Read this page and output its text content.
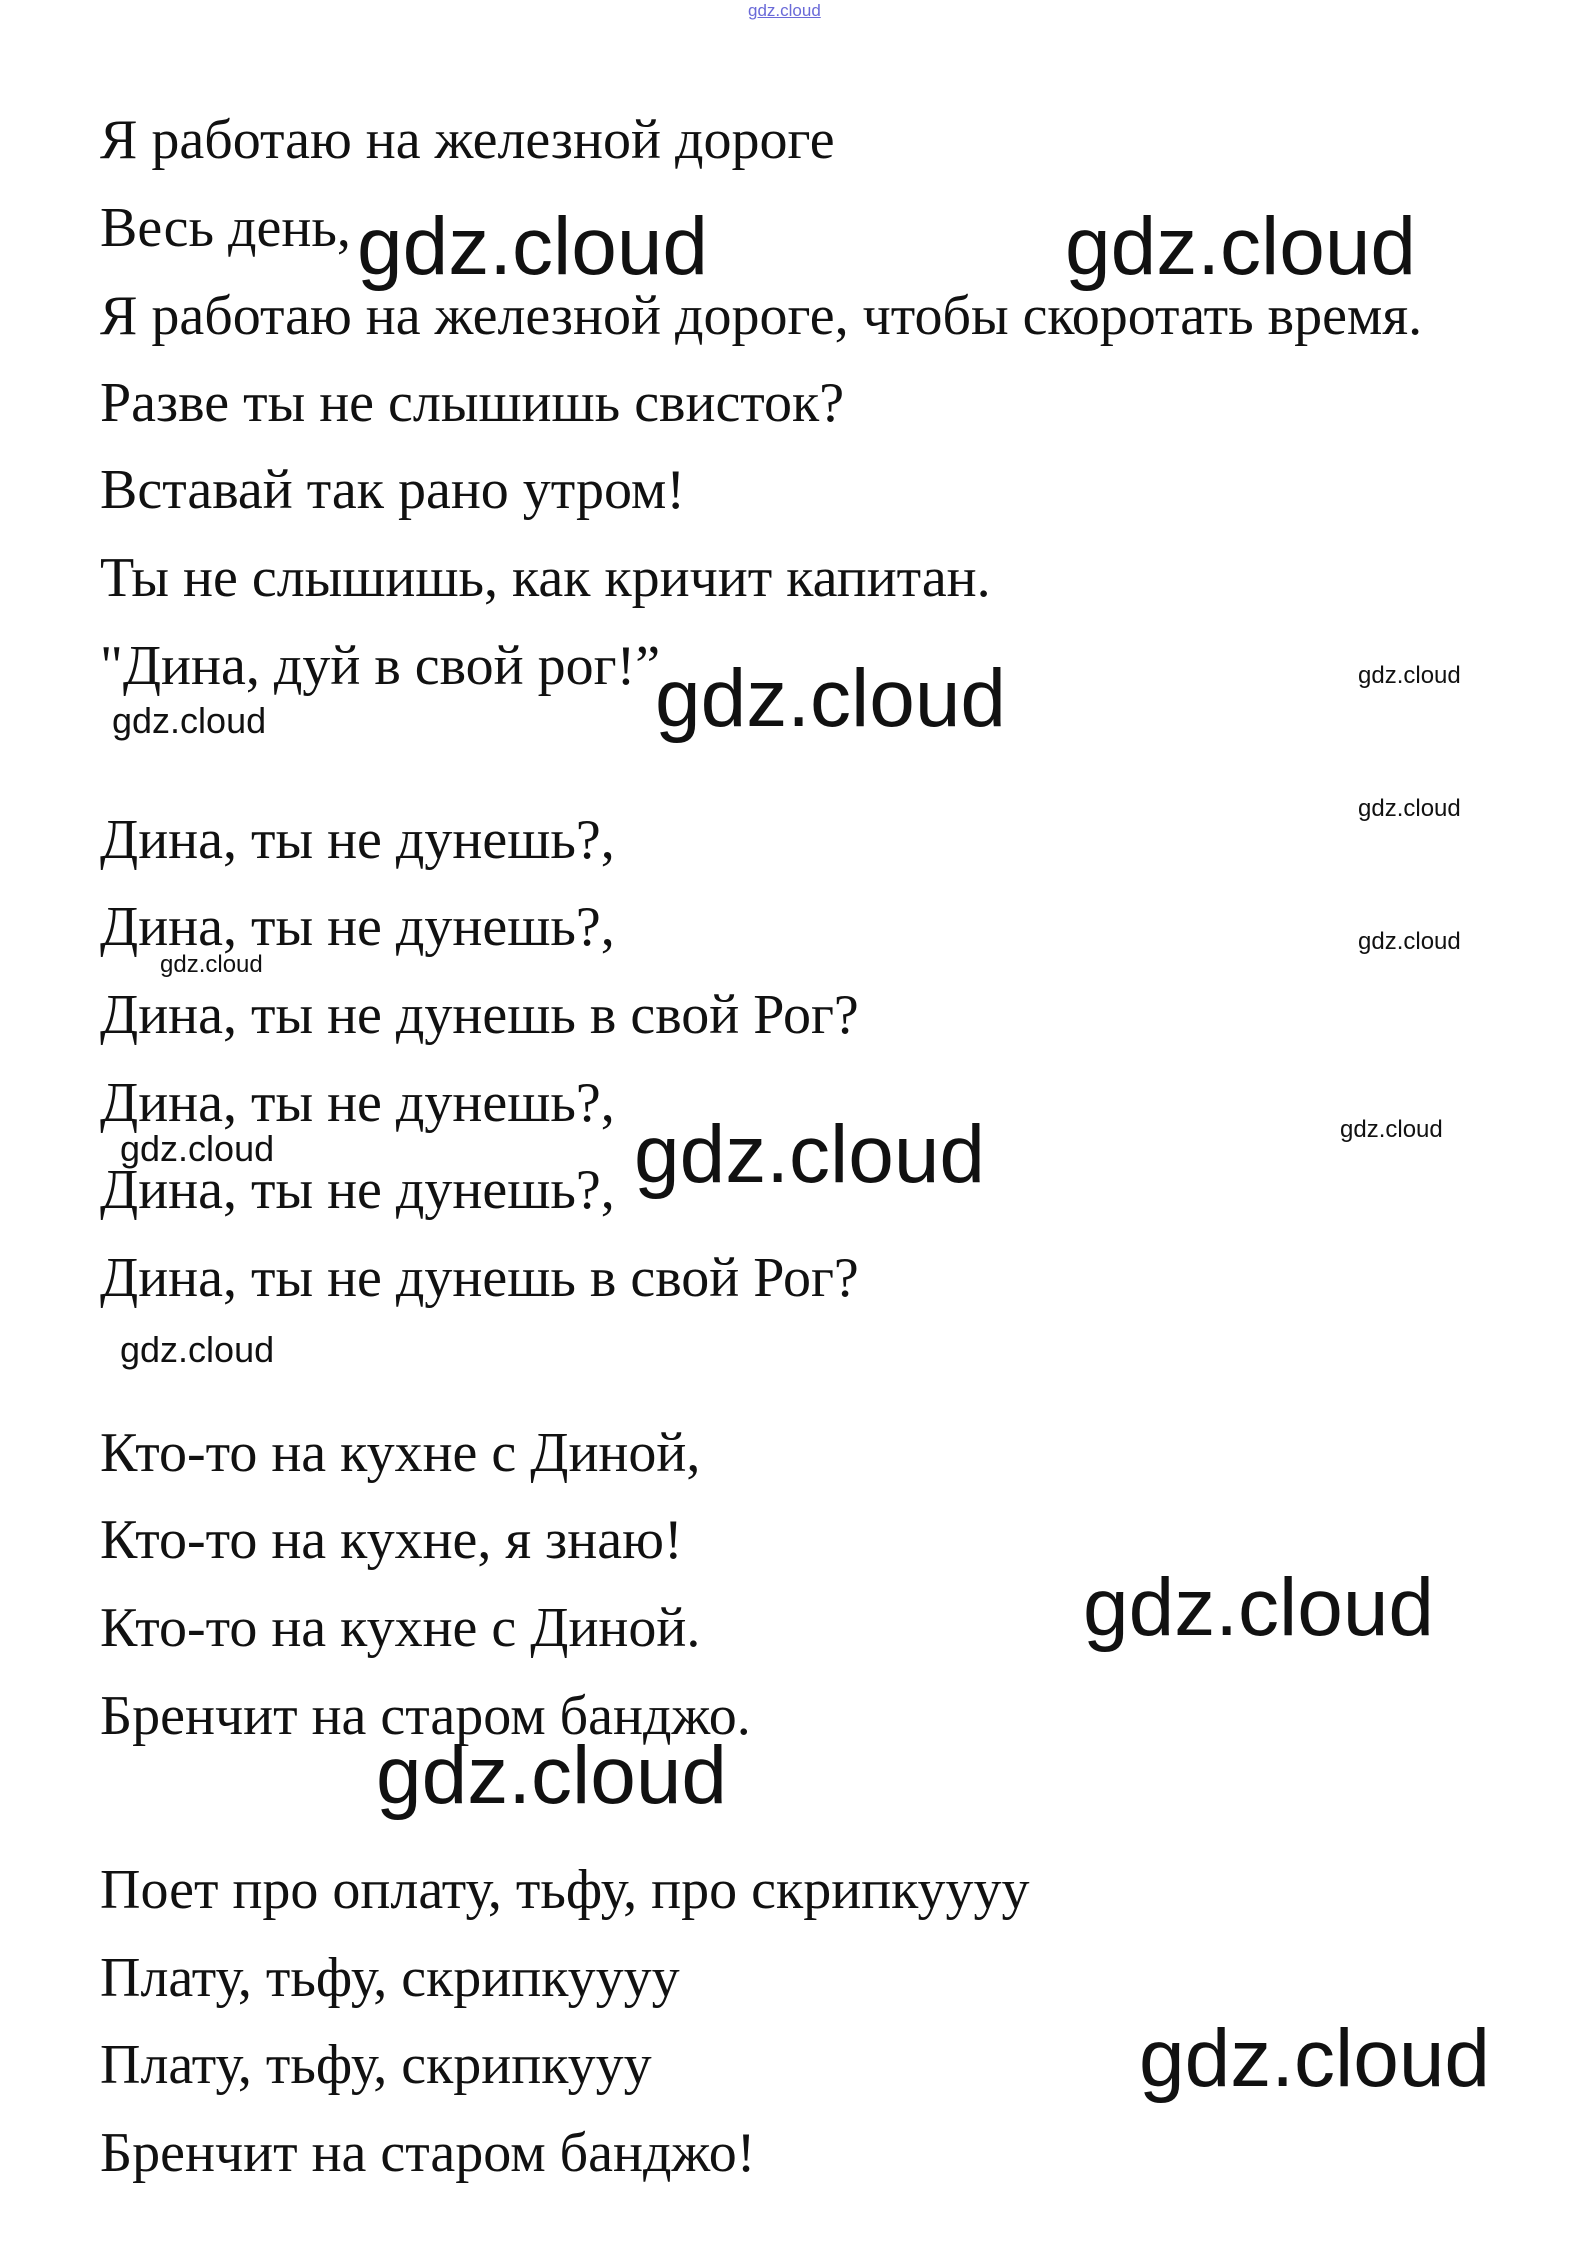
gdz.cloud
Я работаю на железной дороге
Весь день,
Я работаю на железной дороге, чтобы скоротать время.
Разве ты не слышишь свисток?
Вставай так рано утром!
Ты не слышишь, как кричит капитан.
"Дина, дуй в свой рог!”
Дина, ты не дунешь?,
Дина, ты не дунешь?,
Дина, ты не дунешь в свой Рог?
Дина, ты не дунешь?,
Дина, ты не дунешь?,
Дина, ты не дунешь в свой Рог?
Кто-то на кухне с Диной,
Кто-то на кухне, я знаю!
Кто-то на кухне с Диной.
Бренчит на старом банджо.
Поет про оплату, тьфу, про скрипкуууу
Плату, тьфу, скрипкуууу
Плату, тьфу, скрипкууу
Бренчит на старом банджо!
gdz.cloud	gdz.cloud
gdz.cloud
gdz.cloud
gdz.cloud
gdz.cloud
gdz.cloud
gdz.cloud
gdz.cloud
gdz.cloud	gdz.cloud
gdz.cloud
gdz.cloud
gdz.cloud
gdz.cloud
